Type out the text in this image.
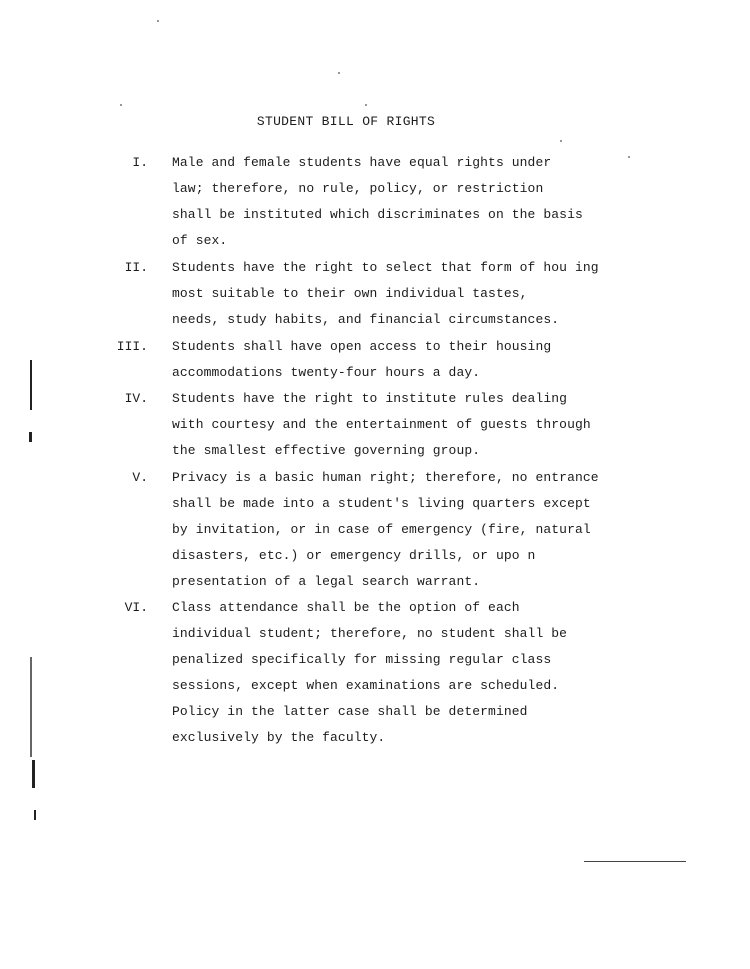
STUDENT BILL OF RIGHTS
I. Male and female students have equal rights under
law; therefore, no rule, policy, or restriction
shall be instituted which discriminates on the basis
of sex.
II. Students have the right to select that form of hou ing
most suitable to their own individual tastes,
needs, study habits, and financial circumstances.
III. Students shall have open access to their housing
accommodations twenty-four hours a day.
IV. Students have the right to institute rules dealing
with courtesy and the entertainment of guests through
the smallest effective governing group.
V. Privacy is a basic human right; therefore, no entrance
shall be made into a student's living quarters except
by invitation, or in case of emergency (fire, natural
disasters, etc.) or emergency drills, or upo n
presentation of a legal search warrant.
VI. Class attendance shall be the option of each
individual student; therefore, no student shall be
penalized specifically for missing regular class
sessions, except when examinations are scheduled.
Policy in the latter case shall be determined
exclusively by the faculty.
